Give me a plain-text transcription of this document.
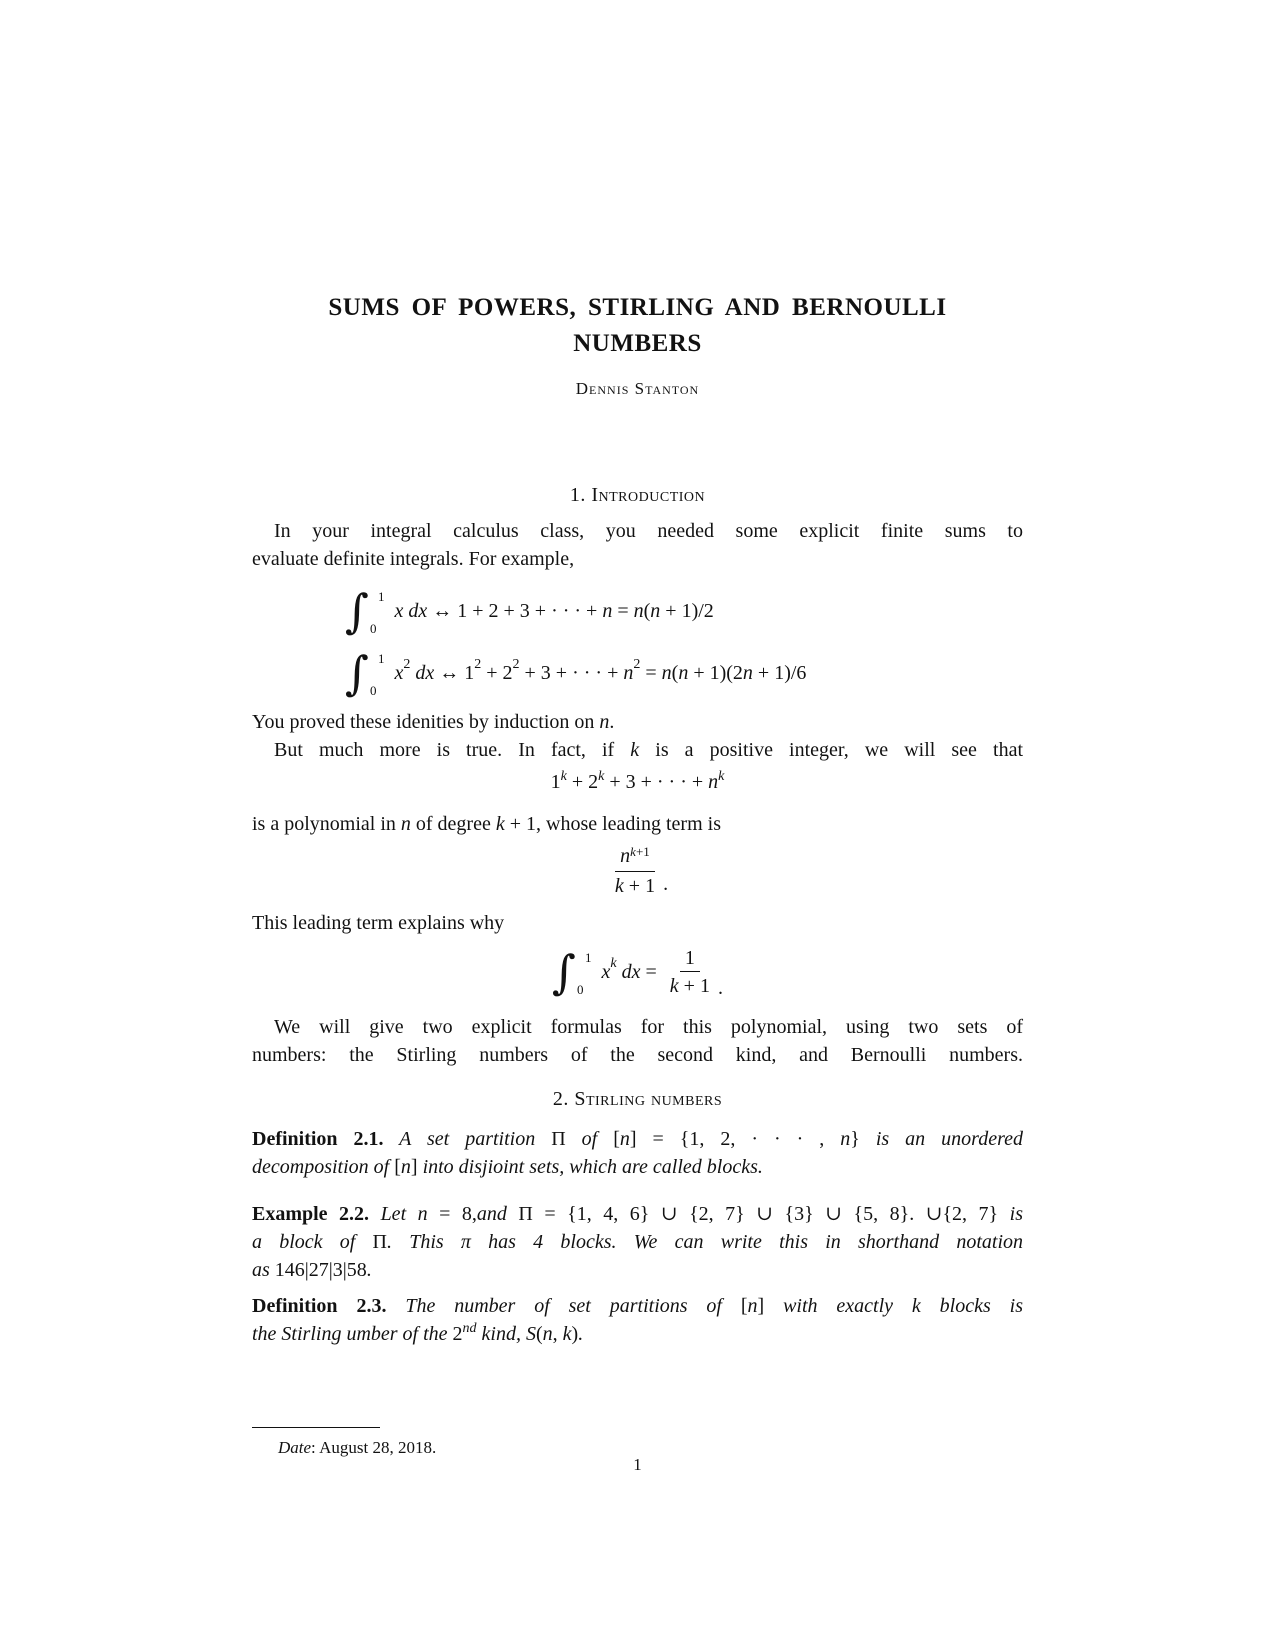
SUMS OF POWERS, STIRLING AND BERNOULLI
NUMBERS
Dennis Stanton
1. Introduction
In your integral calculus class, you needed some explicit finite sums to
evaluate definite integrals. For example,
∫ 1
0
x dx ↔ 1 + 2 + 3 + · · · + n = n ( n + 1)/2
∫ 1
0
x 2 dx ↔ 1 2 + 2 2 + 3 + · · · + n 2 = n ( n + 1)(2 n + 1)/6
You proved these idenities by induction on n.
But much more is true. In fact, if k is a positive integer, we will see that
$1^k + 2^k + 3$ + · · · + $n^k$
is a polynomial in n of degree k + 1, whose leading term is
$\frac{n^{k+1}}{k + 1}$ .
This leading term explains why
∫ 1
0
x k dx = $\frac{1}{k + 1}$ .
We will give two explicit formulas for this polynomial, using two sets of
numbers: the Stirling numbers of the second kind, and Bernoulli numbers.
2. Stirling numbers
Definition 2.1. A set partition Π of [n] = {1, 2, · · · , n} is an unordered
decomposition of [n] into disjioint sets, which are called blocks.
Example 2.2. Let n = 8,and Π = {1, 4, 6} ∪ {2, 7} ∪ {3} ∪ {5, 8}. ∪{2, 7} is
a block of Π. This π has 4 blocks. We can write this in shorthand notation
as 146|27|3|58.
Definition 2.3. The number of set partitions of [n] with exactly k blocks is
the Stirling umber of the 2nd kind, S(n, k).
Date: August 28, 2018.
1
